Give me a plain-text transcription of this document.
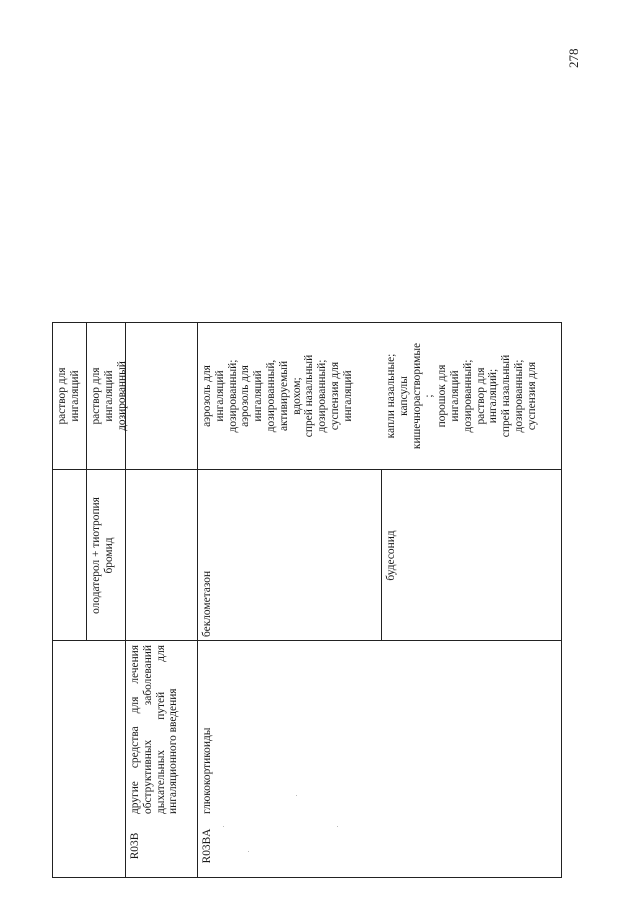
278
раствор для
ингаляций
олодатерол + тиотропия
бромид
раствор для
ингаляций
дозированный
R03B
другие средства для лечения обструктивных заболеваний дыхательных путей для ингаляционного введения
R03BA
глюкокортикоиды
беклометазон
аэрозоль для
ингаляций
дозированный;
аэрозоль для
ингаляций
дозированный,
активируемый
вдохом;
спрей назальный
дозированный;
суспензия для
ингаляций
будесонид
капли назальные;
капсулы
кишечнорастворимые
;
порошок для
ингаляций
дозированный;
раствор для
ингаляций;
спрей назальный
дозированный;
суспензия для
